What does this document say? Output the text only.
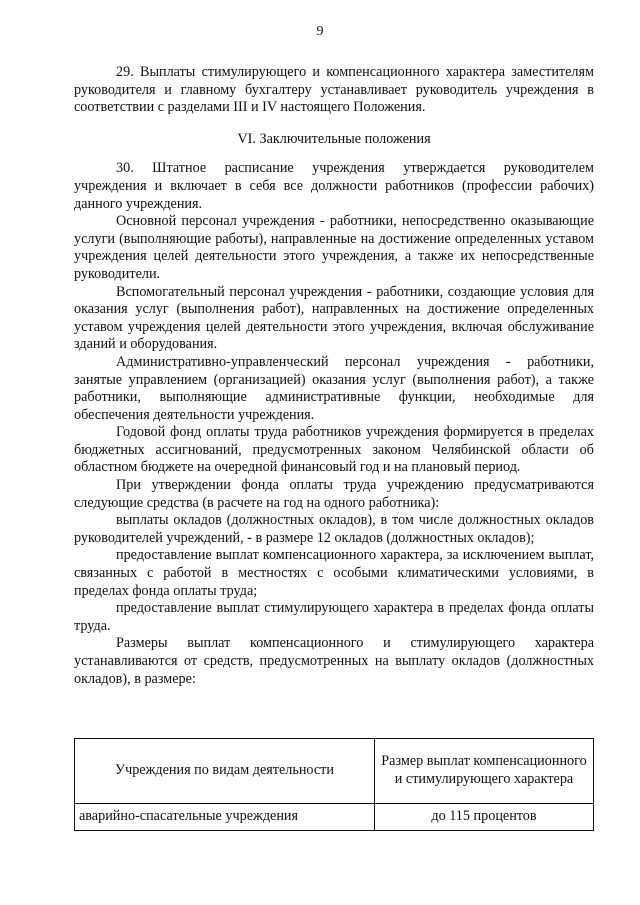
9

29. Выплаты стимулирующего и компенсационного характера заместителям руководителя и главному бухгалтеру устанавливает руководитель учреждения в соответствии с разделами III и IV настоящего Положения.

VI. Заключительные положения

30. Штатное расписание учреждения утверждается руководителем учреждения и включает в себя все должности работников (профессии рабочих) данного учреждения.

Основной персонал учреждения - работники, непосредственно оказывающие услуги (выполняющие работы), направленные на достижение определенных уставом учреждения целей деятельности этого учреждения, а также их непосредственные руководители.

Вспомогательный персонал учреждения - работники, создающие условия для оказания услуг (выполнения работ), направленных на достижение определенных уставом учреждения целей деятельности этого учреждения, включая обслуживание зданий и оборудования.

Административно-управленческий персонал учреждения - работники, занятые управлением (организацией) оказания услуг (выполнения работ), а также работники, выполняющие административные функции, необходимые для обеспечения деятельности учреждения.

Годовой фонд оплаты труда работников учреждения формируется в пределах бюджетных ассигнований, предусмотренных законом Челябинской области об областном бюджете на очередной финансовый год и на плановый период.

При утверждении фонда оплаты труда учреждению предусматриваются следующие средства (в расчете на год на одного работника):

выплаты окладов (должностных окладов), в том числе должностных окладов руководителей учреждений, - в размере 12 окладов (должностных окладов);

предоставление выплат компенсационного характера, за исключением выплат, связанных с работой в местностях с особыми климатическими условиями, в пределах фонда оплаты труда;

предоставление выплат стимулирующего характера в пределах фонда оплаты труда.

Размеры выплат компенсационного и стимулирующего характера устанавливаются от средств, предусмотренных на выплату окладов (должностных окладов), в размере:

Учреждения по видам деятельности	Размер выплат компенсационного и стимулирующего характера
аварийно-спасательные учреждения	до 115 процентов
